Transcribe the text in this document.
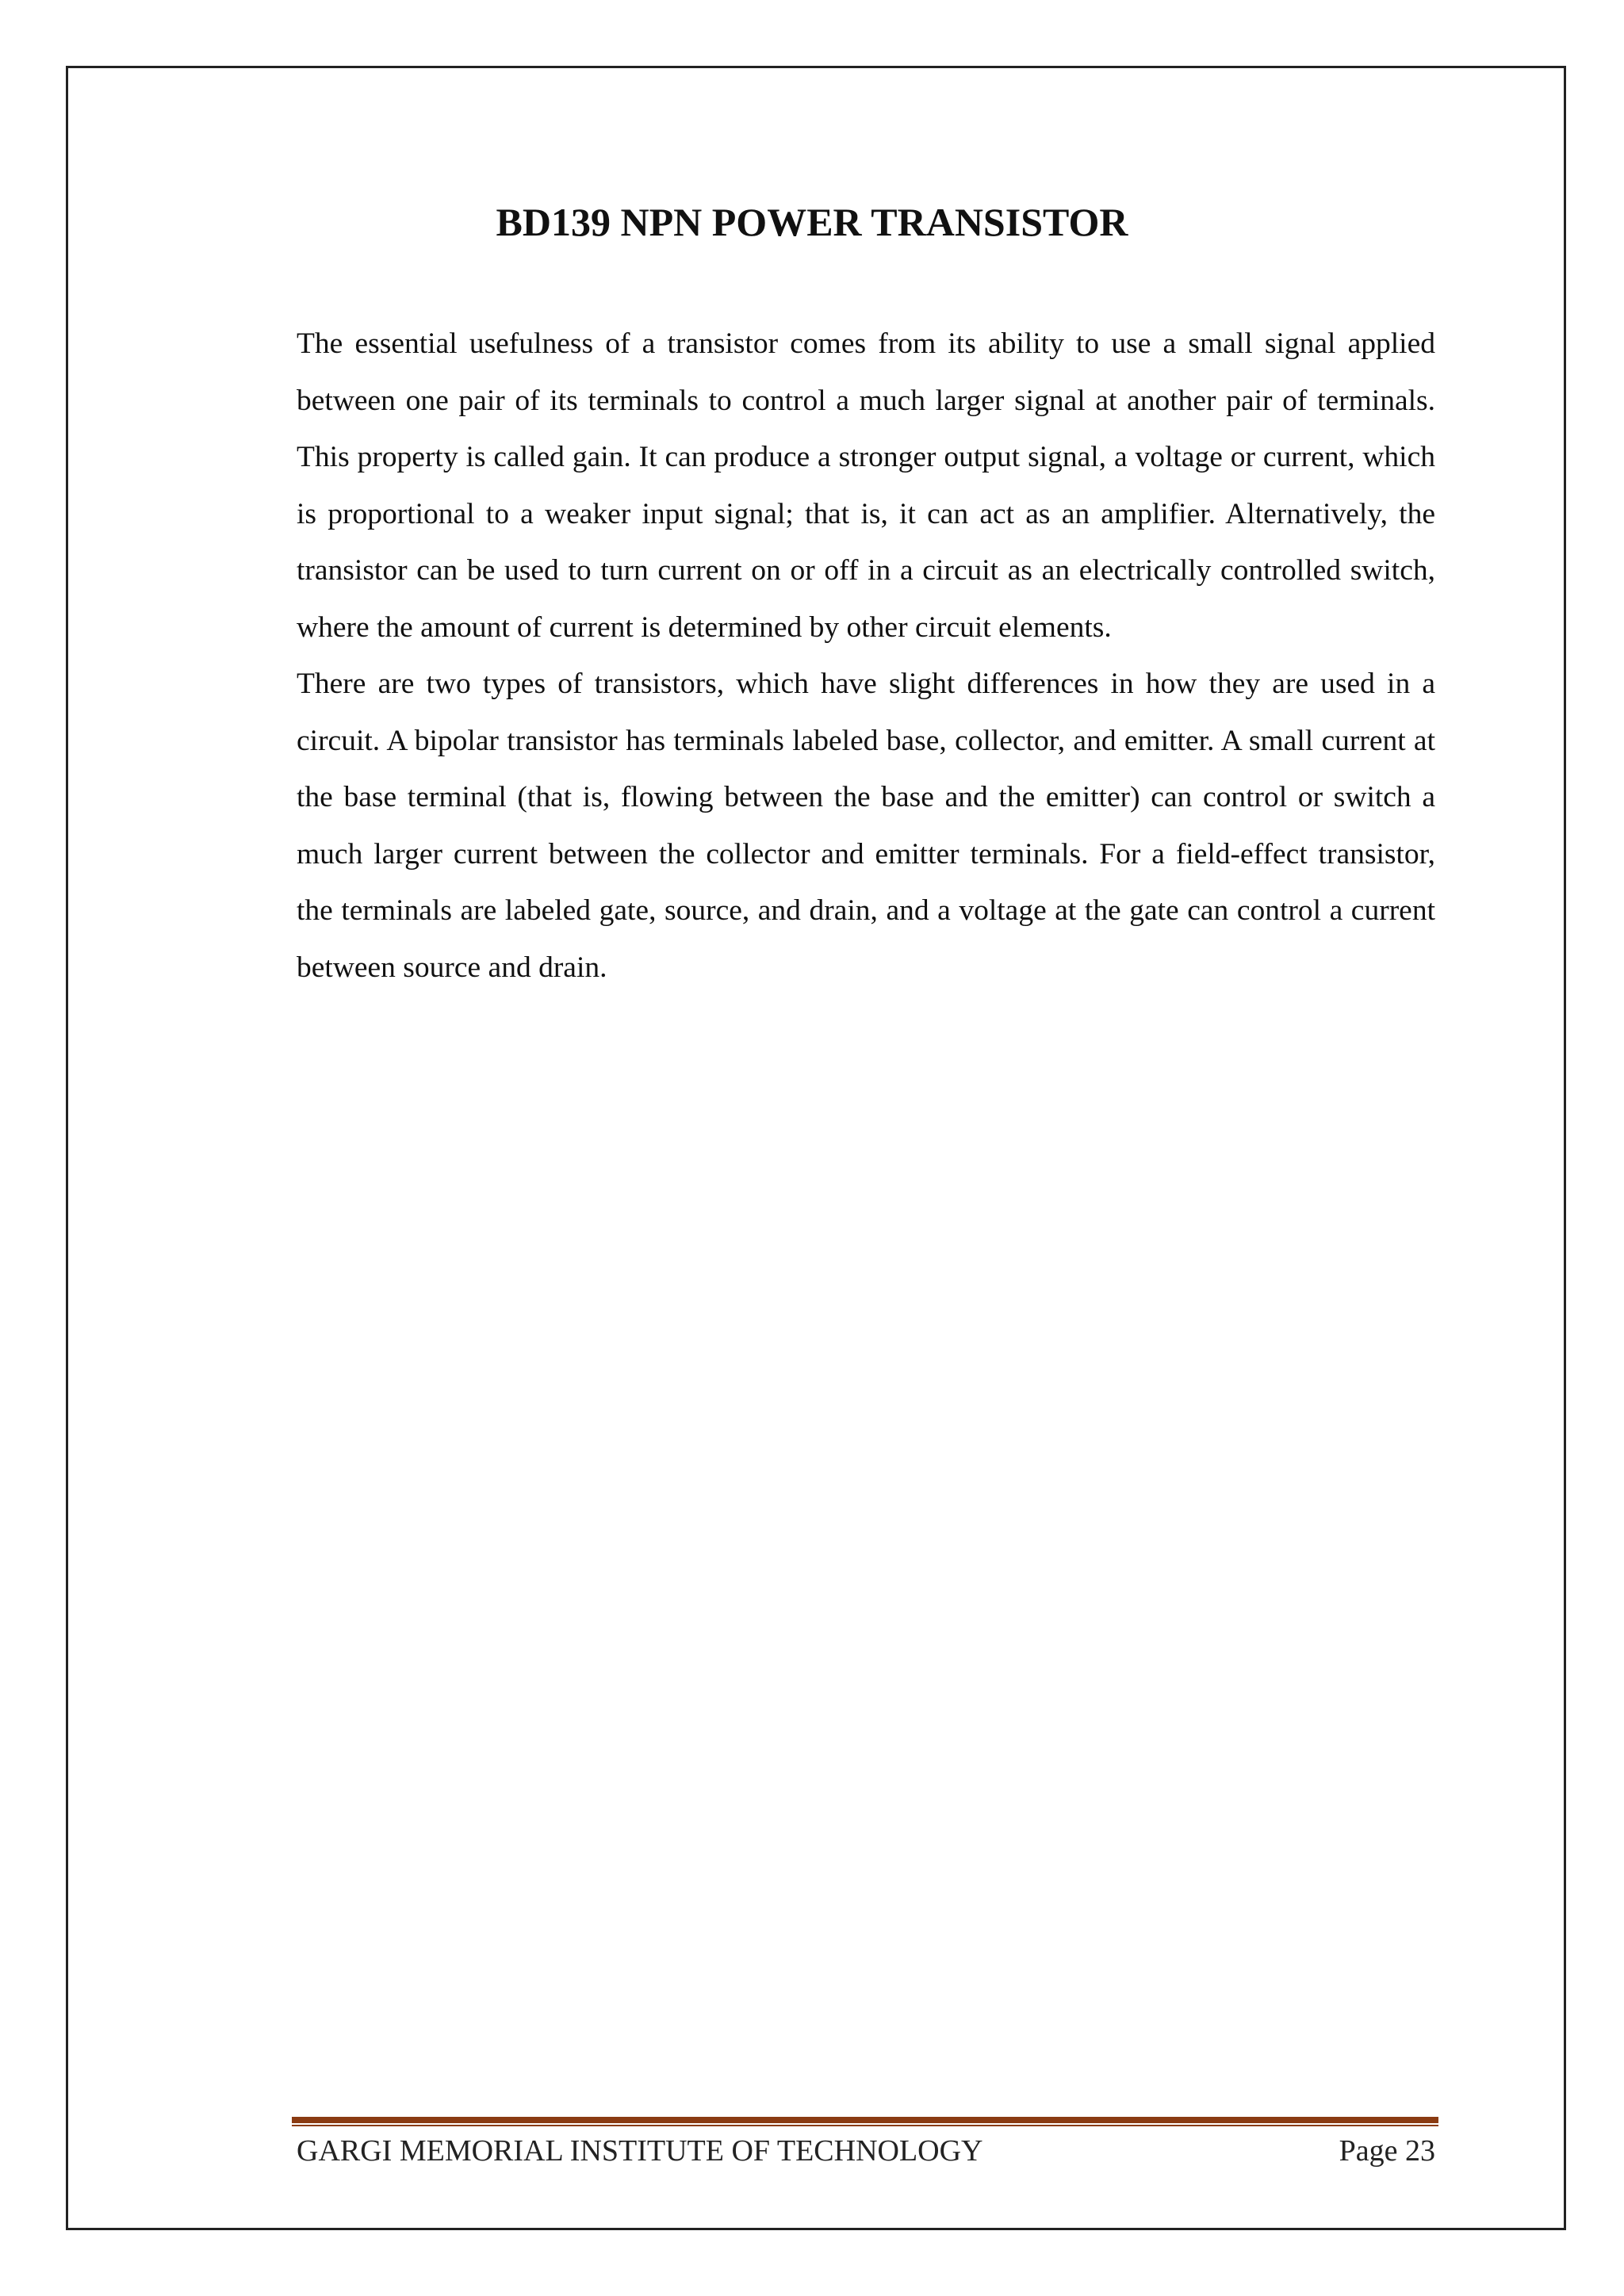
BD139 NPN POWER TRANSISTOR

The essential usefulness of a transistor comes from its ability to use a small signal applied between one pair of its terminals to control a much larger signal at another pair of terminals. This property is called gain. It can produce a stronger output signal, a voltage or current, which is proportional to a weaker input signal; that is, it can act as an amplifier. Alternatively, the transistor can be used to turn current on or off in a circuit as an electrically controlled switch, where the amount of current is determined by other circuit elements.

There are two types of transistors, which have slight differences in how they are used in a circuit. A bipolar transistor has terminals labeled base, collector, and emitter. A small current at the base terminal (that is, flowing between the base and the emitter) can control or switch a much larger current between the collector and emitter terminals. For a field-effect transistor, the terminals are labeled gate, source, and drain, and a voltage at the gate can control a current between source and drain.

GARGI MEMORIAL INSTITUTE OF TECHNOLOGY	Page 23
